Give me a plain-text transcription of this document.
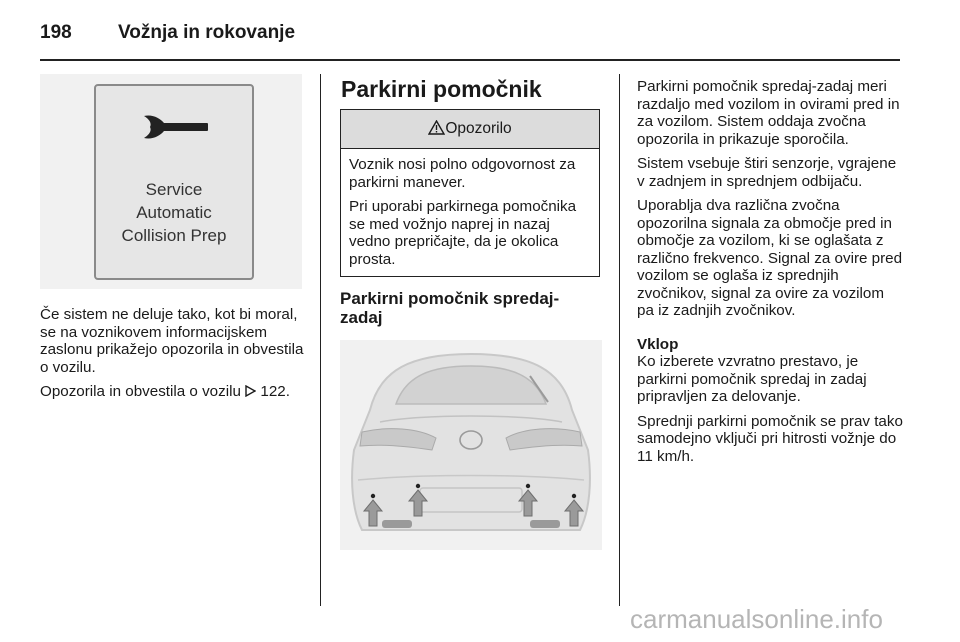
198 Vožnja in rokovanje
Service
Automatic
Collision Prep

Če sistem ne deluje tako, kot bi moral, se na voznikovem informacijskem zaslonu prikažejo opozorila in obvestila o vozilu.

Opozorila in obvestila o vozilu 122.

Parkirni pomočnik
Opozorilo

Voznik nosi polno odgovornost za parkirni manever.

Pri uporabi parkirnega pomočnika se med vožnjo naprej in nazaj vedno prepričajte, da je okolica prosta.

Parkirni pomočnik spredaj-zadaj

Parkirni pomočnik spredaj-zadaj meri razdaljo med vozilom in ovirami pred in za vozilom. Sistem oddaja zvočna opozorila in prikazuje sporočila.

Sistem vsebuje štiri senzorje, vgrajene v zadnjem in sprednjem odbijaču.

Uporablja dva različna zvočna opozorilna signala za območje pred in območje za vozilom, ki se oglašata z različno frekvenco. Signal za ovire pred vozilom se oglaša iz sprednjih zvočnikov, signal za ovire za vozilom pa iz zadnjih zvočnikov.

Vklop

Ko izberete vzvratno prestavo, je parkirni pomočnik spredaj in zadaj pripravljen za delovanje.

Sprednji parkirni pomočnik se prav tako samodejno vključi pri hitrosti vožnje do 11 km/h.

carmanualsonline.info
